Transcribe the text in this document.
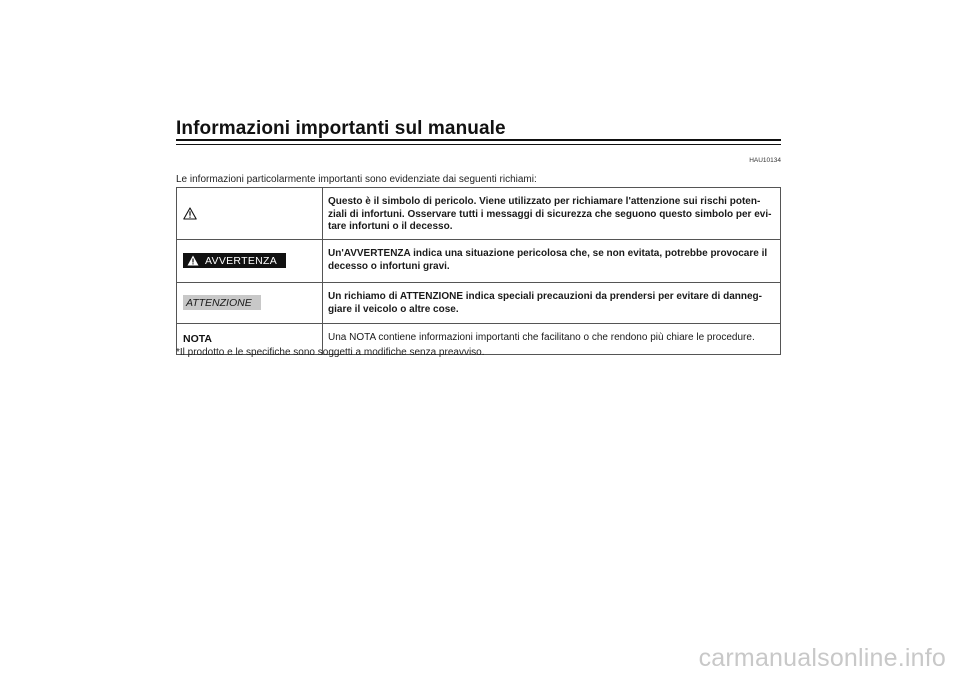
Informazioni importanti sul manuale
HAU10134
Le informazioni particolarmente importanti sono evidenziate dai seguenti richiami:
Questo è il simbolo di pericolo. Viene utilizzato per richiamare l'attenzione sui rischi poten-ziali di infortuni. Osservare tutti i messaggi di sicurezza che seguono questo simbolo per evi-tare infortuni o il decesso.
AVVERTENZA
Un'AVVERTENZA indica una situazione pericolosa che, se non evitata, potrebbe provocare il decesso o infortuni gravi.
ATTENZIONE	Un richiamo di ATTENZIONE indica speciali precauzioni da prendersi per evitare di danneg-giare il veicolo o altre cose.
NOTA	Una NOTA contiene informazioni importanti che facilitano o che rendono più chiare le procedure.
*Il prodotto e le specifiche sono soggetti a modifiche senza preavviso.
carmanualsonline.info
